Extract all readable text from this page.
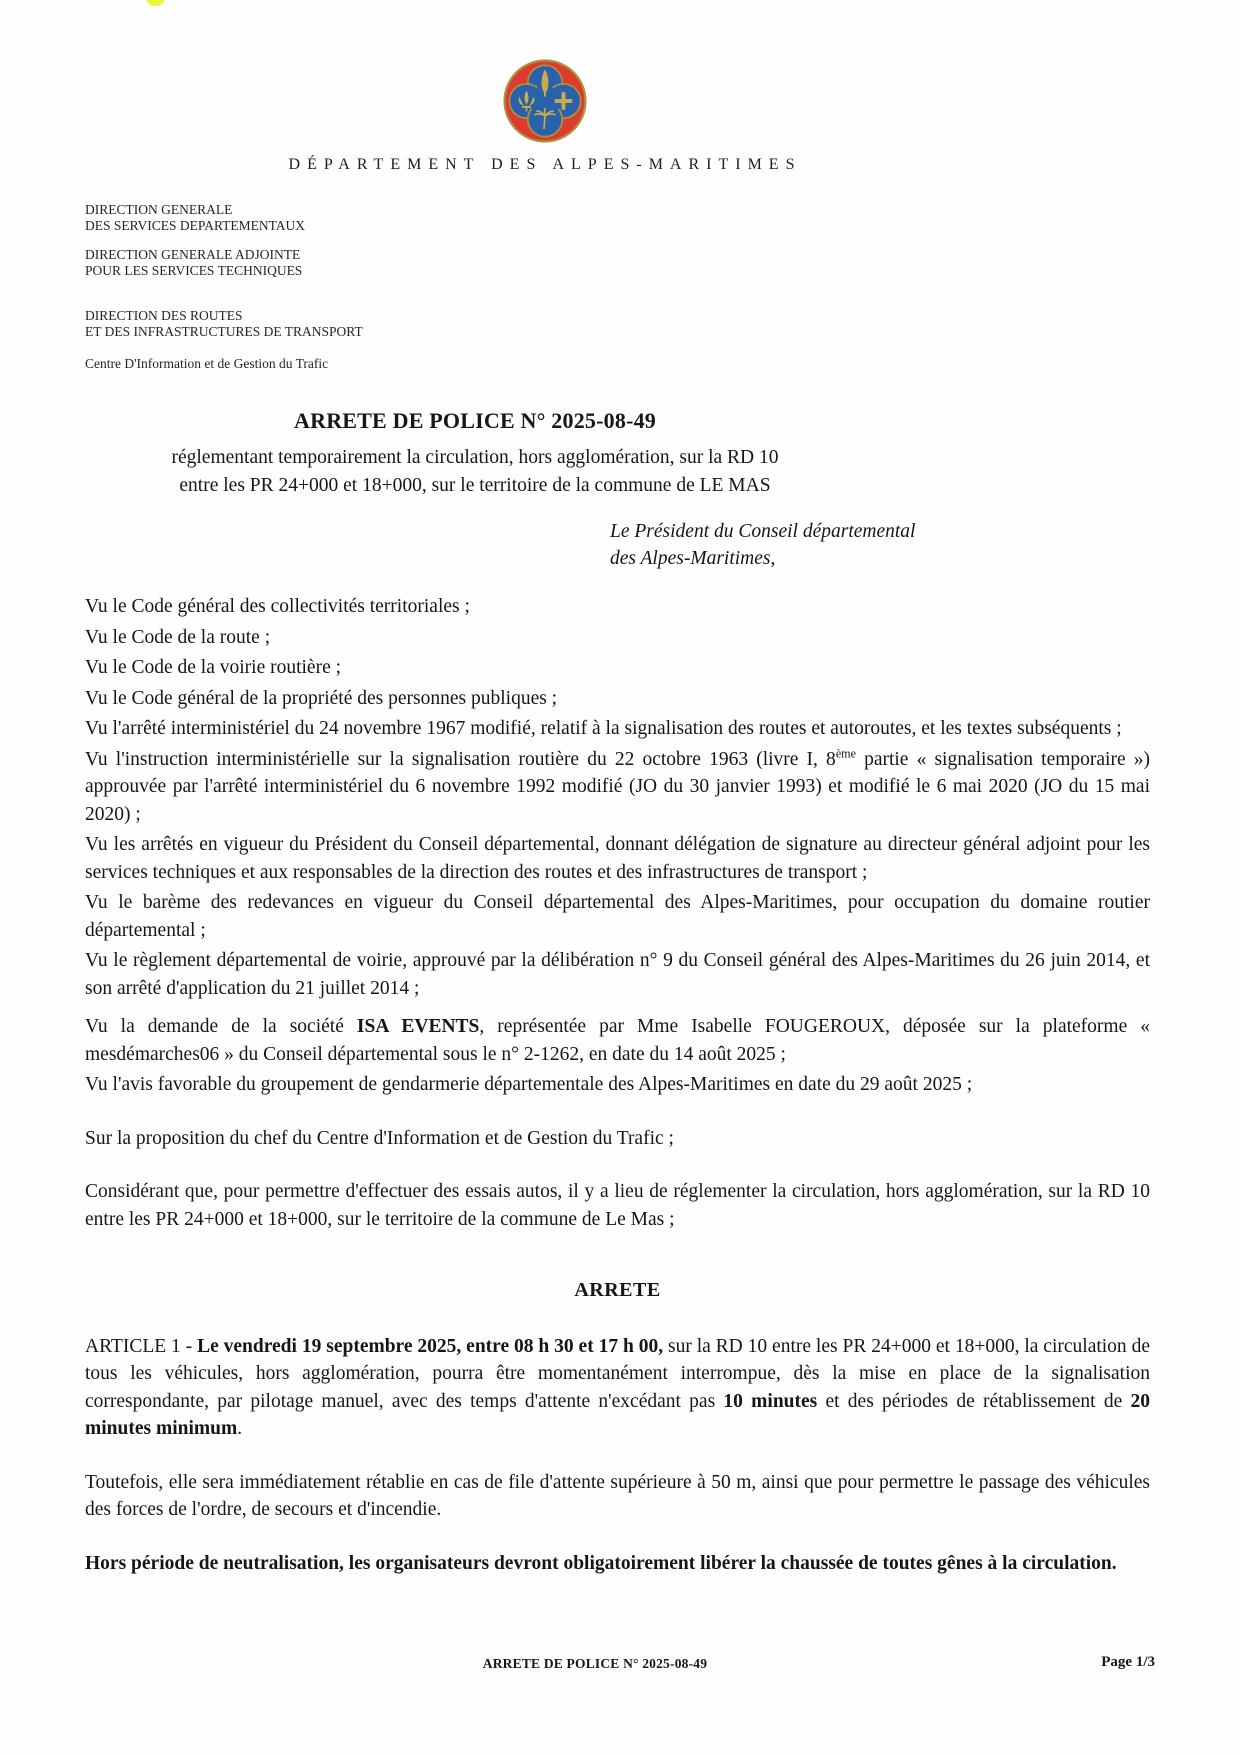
DÉPARTEMENT DES ALPES-MARITIMES
DIRECTION GENERALE
DES SERVICES DEPARTEMENTAUX
DIRECTION GENERALE ADJOINTE
POUR LES SERVICES TECHNIQUES
DIRECTION DES ROUTES
ET DES INFRASTRUCTURES DE TRANSPORT
Centre D'Information et de Gestion du Trafic
ARRETE DE POLICE N° 2025-08-49
réglementant temporairement la circulation, hors agglomération, sur la RD 10
entre les PR 24+000 et 18+000, sur le territoire de la commune de LE MAS
Le Président du Conseil départemental
des Alpes-Maritimes,

Vu le Code général des collectivités territoriales ;

Vu le Code de la route ;

Vu le Code de la voirie routière ;

Vu le Code général de la propriété des personnes publiques ;

Vu l'arrêté interministériel du 24 novembre 1967 modifié, relatif à la signalisation des routes et autoroutes, et les textes subséquents ;

Vu l'instruction interministérielle sur la signalisation routière du 22 octobre 1963 (livre I, 8ème partie « signalisation temporaire ») approuvée par l'arrêté interministériel du 6 novembre 1992 modifié (JO du 30 janvier 1993) et modifié le 6 mai 2020 (JO du 15 mai 2020) ;

Vu les arrêtés en vigueur du Président du Conseil départemental, donnant délégation de signature au directeur général adjoint pour les services techniques et aux responsables de la direction des routes et des infrastructures de transport ;

Vu le barème des redevances en vigueur du Conseil départemental des Alpes-Maritimes, pour occupation du domaine routier départemental ;

Vu le règlement départemental de voirie, approuvé par la délibération n° 9 du Conseil général des Alpes-Maritimes du 26 juin 2014, et son arrêté d'application du 21 juillet 2014 ;

Vu la demande de la société ISA EVENTS, représentée par Mme Isabelle FOUGEROUX, déposée sur la plateforme « mesdémarches06 » du Conseil départemental sous le n° 2-1262, en date du 14 août 2025 ;

Vu l'avis favorable du groupement de gendarmerie départementale des Alpes-Maritimes en date du 29 août 2025 ;

Sur la proposition du chef du Centre d'Information et de Gestion du Trafic ;

Considérant que, pour permettre d'effectuer des essais autos, il y a lieu de réglementer la circulation, hors agglomération, sur la RD 10 entre les PR 24+000 et 18+000, sur le territoire de la commune de Le Mas ;

ARRETE

ARTICLE 1 - Le vendredi 19 septembre 2025, entre 08 h 30 et 17 h 00, sur la RD 10 entre les PR 24+000 et 18+000, la circulation de tous les véhicules, hors agglomération, pourra être momentanément interrompue, dès la mise en place de la signalisation correspondante, par pilotage manuel, avec des temps d'attente n'excédant pas 10 minutes et des périodes de rétablissement de 20 minutes minimum.

Toutefois, elle sera immédiatement rétablie en cas de file d'attente supérieure à 50 m, ainsi que pour permettre le passage des véhicules des forces de l'ordre, de secours et d'incendie.

Hors période de neutralisation, les organisateurs devront obligatoirement libérer la chaussée de toutes gênes à la circulation.

ARRETE DE POLICE N° 2025-08-49	Page 1/3
